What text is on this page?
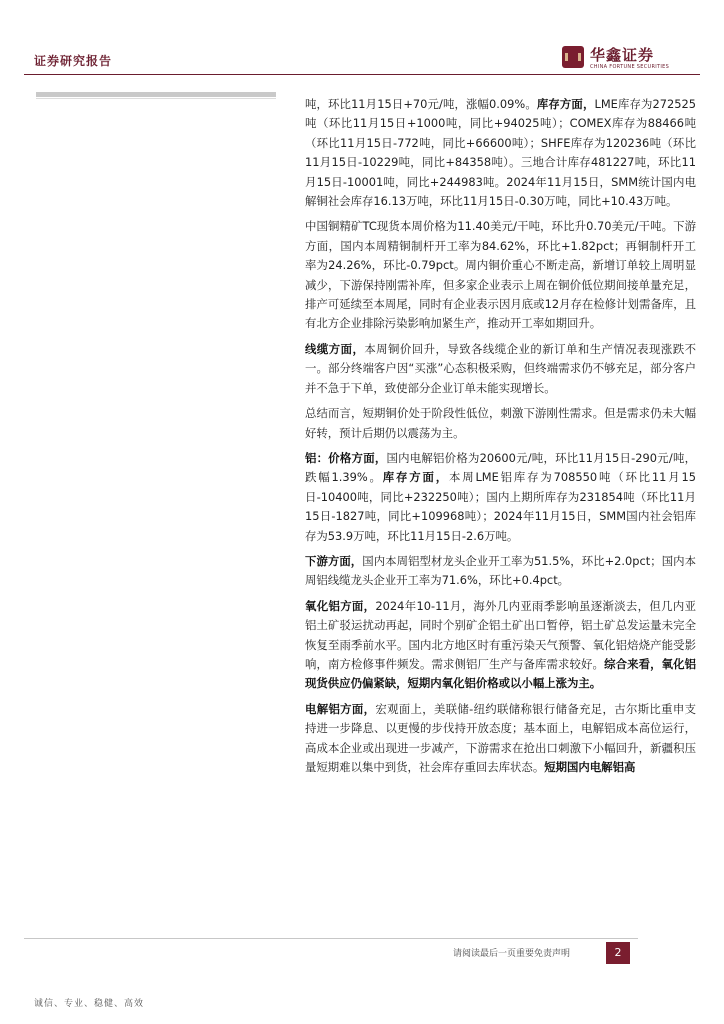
证券研究报告	华鑫证券
CHINA FORTUNE SECURITIES

吨，环比11月15日+70元/吨，涨幅0.09%。库存方面，LME库存为272525吨（环比11月15日+1000吨，同比+94025吨）；COMEX库存为88466吨（环比11月15日-772吨，同比+66600吨）；SHFE库存为120236吨（环比11月15日-10229吨，同比+84358吨）。三地合计库存481227吨，环比11月15日-10001吨，同比+244983吨。2024年11月15日，SMM统计国内电解铜社会库存16.13万吨，环比11月15日-0.30万吨，同比+10.43万吨。

中国铜精矿TC现货本周价格为11.40美元/干吨，环比升0.70美元/干吨。下游方面，国内本周精铜制杆开工率为84.62%，环比+1.82pct；再铜制杆开工率为24.26%，环比-0.79pct。周内铜价重心不断走高，新增订单较上周明显减少，下游保持刚需补库，但多家企业表示上周在铜价低位期间接单量充足，排产可延续至本周尾，同时有企业表示因月底或12月存在检修计划需备库，且有北方企业排除污染影响加紧生产，推动开工率如期回升。

线缆方面，本周铜价回升，导致各线缆企业的新订单和生产情况表现涨跌不一。部分终端客户因“买涨”心态积极采购，但终端需求仍不够充足，部分客户并不急于下单，致使部分企业订单未能实现增长。

总结而言，短期铜价处于阶段性低位，刺激下游刚性需求。但是需求仍未大幅好转，预计后期仍以震荡为主。

铝：价格方面，国内电解铝价格为20600元/吨，环比11月15日-290元/吨，跌幅1.39%。库存方面，本周LME铝库存为708550吨（环比11月15日-10400吨，同比+232250吨）；国内上期所库存为231854吨（环比11月15日-1827吨，同比+109968吨）；2024年11月15日，SMM国内社会铝库存为53.9万吨，环比11月15日-2.6万吨。

下游方面，国内本周铝型材龙头企业开工率为51.5%，环比+2.0pct；国内本周铝线缆龙头企业开工率为71.6%，环比+0.4pct。

氧化铝方面，2024年10-11月，海外几内亚雨季影响虽逐渐淡去，但几内亚铝土矿驳运扰动再起，同时个别矿企铝土矿出口暂停，铝土矿总发运量未完全恢复至雨季前水平。国内北方地区时有重污染天气预警、氧化铝焙烧产能受影响，南方检修事件频发。需求侧铝厂生产与备库需求较好。综合来看，氧化铝现货供应仍偏紧缺，短期内氧化铝价格或以小幅上涨为主。

电解铝方面，宏观面上，美联储-纽约联储称银行储备充足，古尔斯比重申支持进一步降息、以更慢的步伐持开放态度；基本面上，电解铝成本高位运行，高成本企业或出现进一步减产，下游需求在抢出口刺激下小幅回升，新疆积压量短期难以集中到货，社会库存重回去库状态。短期国内电解铝高

请阅读最后一页重要免责声明	2
诚信、专业、稳健、高效
